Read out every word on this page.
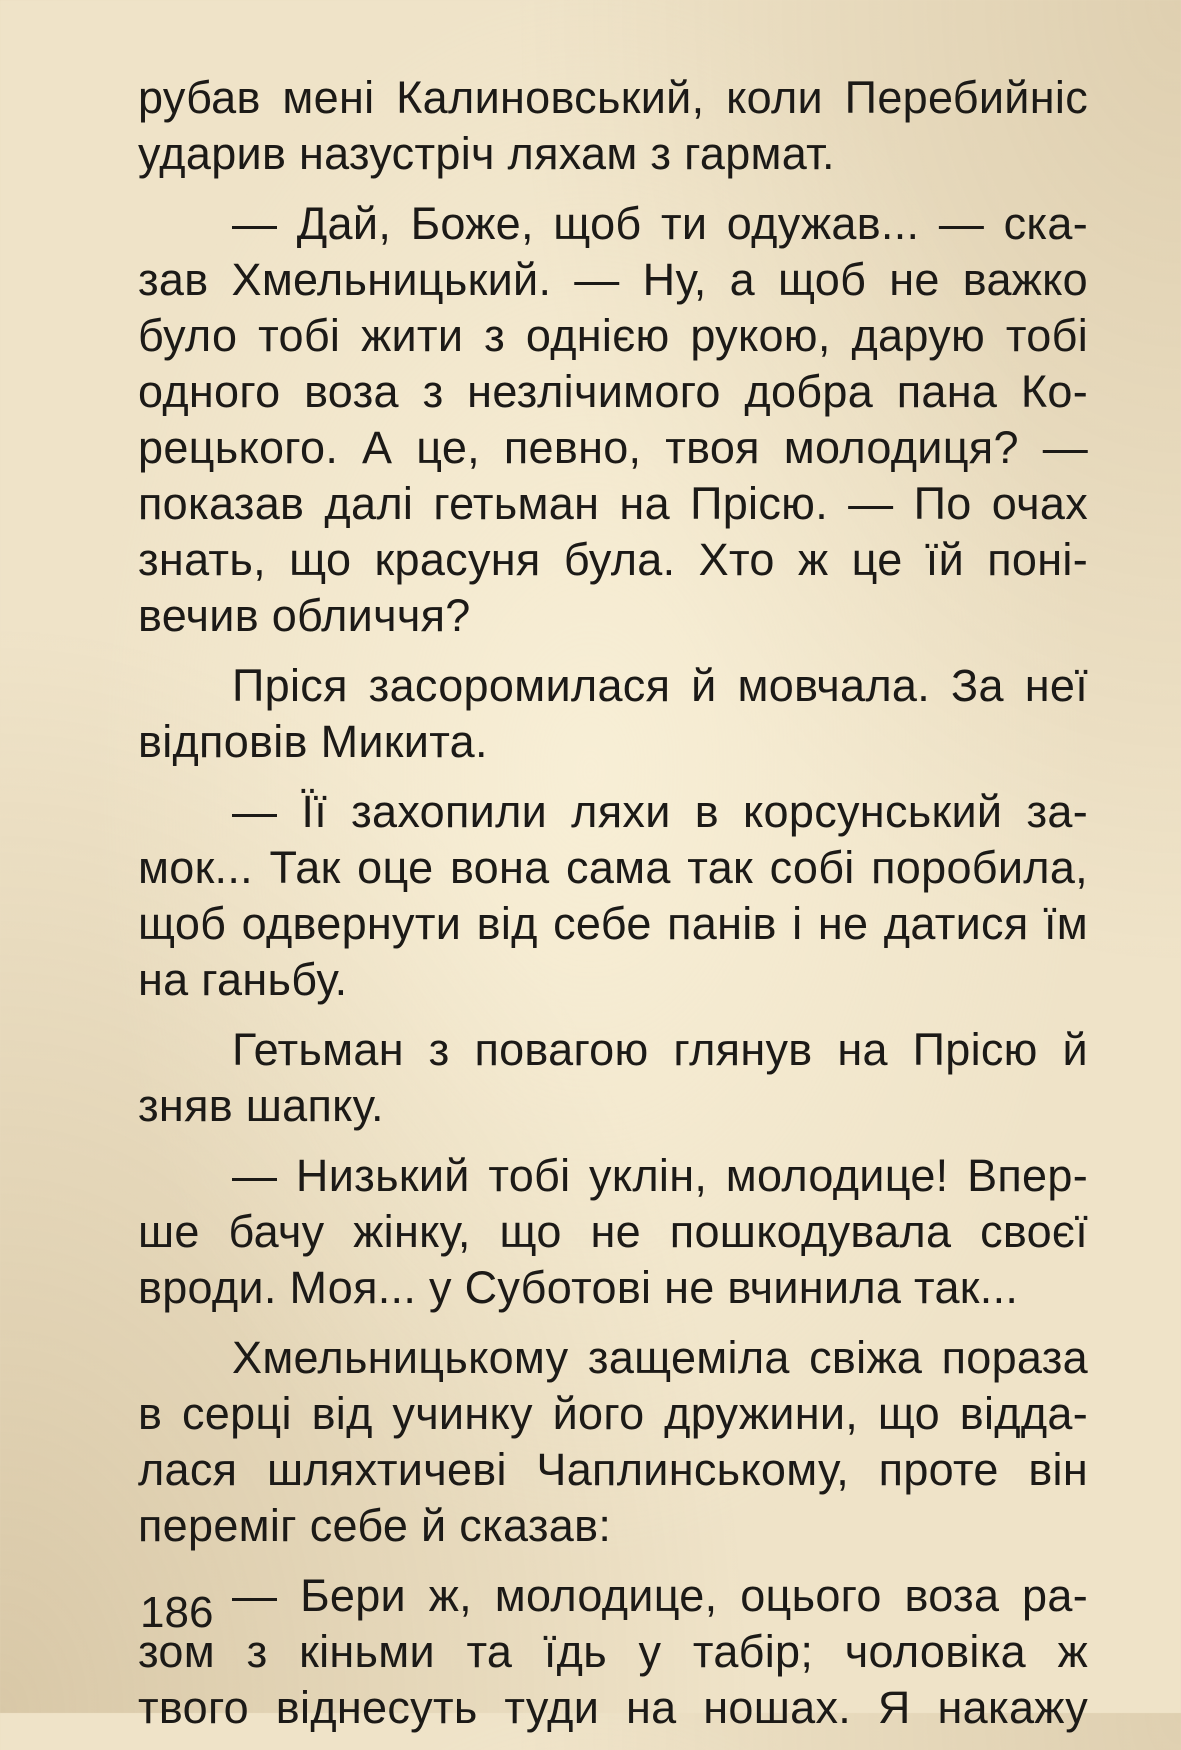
рубав мені Калиновський, коли Перебийніс
ударив назустріч ляхам з гармат.
— Дай, Боже, щоб ти одужав... — ска-
зав Хмельницький. — Ну, а щоб не важко
було тобі жити з однією рукою, дарую тобі
одного воза з незлічимого добра пана Ко-
рецького. А це, певно, твоя молодиця? —
показав далі гетьман на Прісю. — По очах
знать, що красуня була. Хто ж це їй поні-
вечив обличчя?
Пріся засоромилася й мовчала. За неї
відповів Микита.
— Її захопили ляхи в корсунський за-
мок... Так оце вона сама так собі поробила,
щоб одвернути від себе панів і не датися їм
на ганьбу.
Гетьман з повагою глянув на Прісю й
зняв шапку.
— Низький тобі уклін, молодице! Впер-
ше бачу жінку, що не пошкодувала своєї
вроди. Моя... у Суботові не вчинила так...
Хмельницькому защеміла свіжа пораза
в серці від учинку його дружини, що відда-
лася шляхтичеві Чаплинському, проте він
переміг себе й сказав:
— Бери ж, молодице, оцього воза ра-
зом з кіньми та їдь у табір; чоловіка ж
твого віднесуть туди на ношах. Я накажу
186
